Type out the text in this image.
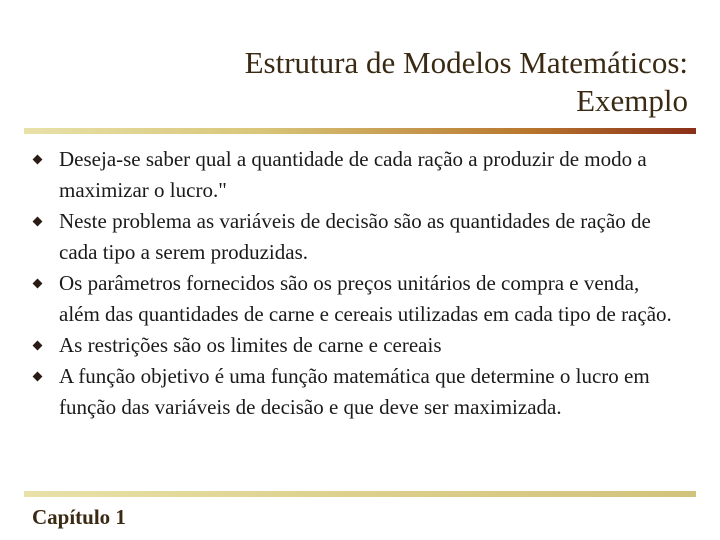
Estrutura de Modelos Matemáticos:
Exemplo
Deseja-se saber qual a quantidade de cada ração a produzir de modo a maximizar o lucro."
Neste problema as variáveis de decisão são as quantidades de ração de cada tipo a serem produzidas.
Os parâmetros fornecidos são os preços unitários de compra e venda, além das quantidades de carne e cereais utilizadas em cada tipo de ração.
As restrições são os limites de carne e cereais
A função objetivo é uma função matemática que determine o lucro em função das variáveis de decisão e que deve ser maximizada.
Capítulo 1
